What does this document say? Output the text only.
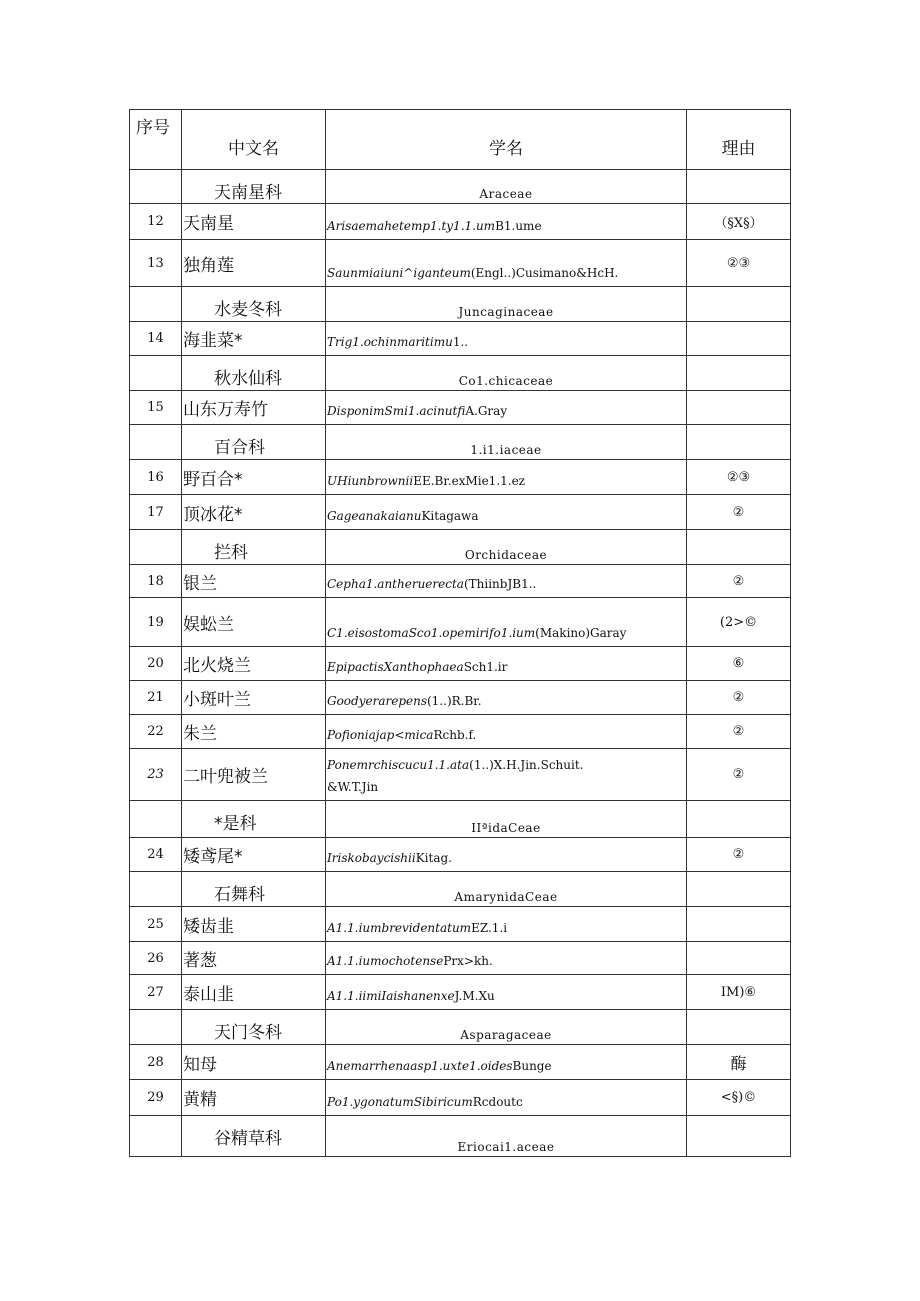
序号	中文名	学名	理由
	天南星科	Araceae	
12	天南星	Arisaemahetemp1.ty1.1.umB1.ume	（§X§）
13	独角莲	Saunmiaiuni^iganteum(Engl..)Cusimano&HcH.	②③
	水麦冬科	Juncaginaceae	
14	海韭菜*	Trig1.ochinmaritimu1..	
	秋水仙科	Co1.chicaceae	
15	山东万寿竹	DisponimSmi1.acinutfiA.Gray	
	百合科	1.i1.iaceae	
16	野百合*	UHiunbrowniiEE.Br.exMie1.1.ez	②③
17	顶冰花*	GageanakaianuKitagawa	②
	拦科	Orchidaceae	
18	银兰	Cepha1.antheruerecta(ThiinbJB1..	②
19	娱蚣兰	C1.eisostomaSco1.opemirifo1.ium(Makino)Garay	(2>©
20	北火烧兰	EpipactisXanthophaeaSch1.ir	⑥
21	小斑叶兰	Goodyerarepens(1..)R.Br.	②
22	朱兰	Pofioniajap<micaRchb.f.	②
23	二叶兜被兰	Ponemrchiscucu1.1.ata(1..)X.H.Jin.Schuit.
&W.T.Jin	②
	*是科	IIªidaCeae	
24	矮鸢尾*	IriskobaycishiiKitag.	②
	石舞科	AmarynidaCeae	
25	矮齿韭	A1.1.iumbrevidentatumEZ.1.i	
26	著葱	A1.1.iumochotensePrx>kh.	
27	泰山韭	A1.1.iimiIaishanenxeJ.M.Xu	IM)⑥
	天门冬科	Asparagaceae	
28	知母	Anemarrhenaasp1.uxte1.oidesBunge	酶
29	黄精	Po1.ygonatumSibiricumRcdoutc	<§)©
	谷精草科	Eriocai1.aceae	
